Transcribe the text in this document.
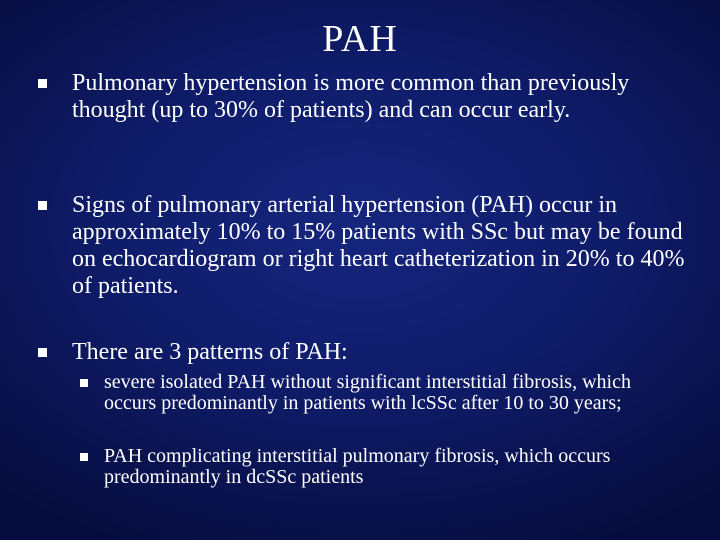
PAH
Pulmonary hypertension is more common than previously thought (up to 30% of patients) and can occur early.
Signs of pulmonary arterial hypertension (PAH) occur in approximately 10% to 15% patients with SSc but may be found on echocardiogram or right heart catheterization in 20% to 40% of patients.
There are 3 patterns of PAH:
severe isolated PAH without significant interstitial fibrosis, which occurs predominantly in patients with lcSSc after 10 to 30 years;
PAH complicating interstitial pulmonary fibrosis, which occurs predominantly in dcSSc patients
